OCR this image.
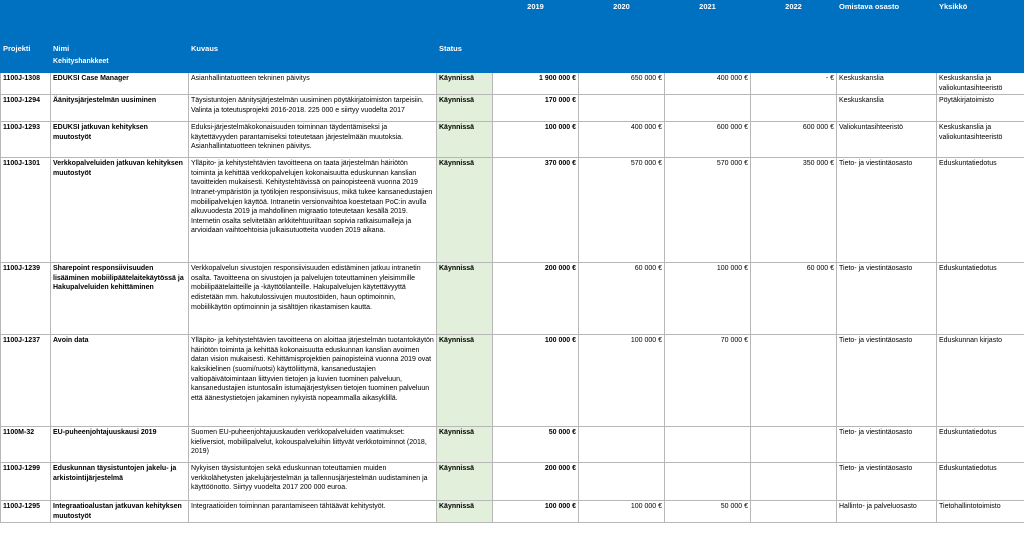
Projekti	Nimi	Kuvaus	Status	2019	2020	2021	2022	Omistava osasto	Yksikkö
	Kehityshankkeet								
1100J-1308	EDUKSI Case Manager	Asianhallintatuotteen tekninen päivitys	Käynnissä	1 900 000 €	650 000 €	400 000 €	- €	Keskuskanslia	Keskuskanslia ja valiokuntasihteeristö
1100J-1294	Äänitysjärjestelmän uusiminen	Täysistuntojen äänitysjärjestelmän uusiminen pöytäkirjatoimiston tarpeisiin. Valinta ja toteutusprojekti 2016-2018. 225 000 e siirtyy vuodelta 2017	Käynnissä	170 000 €				Keskuskanslia	Pöytäkirjatoimisto
1100J-1293	EDUKSI jatkuvan kehityksen muutostyöt	Eduksi-järjestelmäkokonaisuuden toiminnan täydentämiseksi ja käytettävyyden parantamiseksi toteutetaan järjestelmään muutoksia. Asianhallintatuotteen tekninen päivitys.	Käynnissä	100 000 €	400 000 €	600 000 €	600 000 €	Valiokuntasihteeristö	Keskuskanslia ja valiokuntasihteeristö
1100J-1301	Verkkopalveluiden jatkuvan kehityksen muutostyöt	Ylläpito- ja kehitystehtävien tavoitteena on taata järjestelmän häiriötön toiminta ja kehittää verkkopalvelujen kokonaisuutta eduskunnan kanslian tavoitteiden mukaisesti. Kehitystehtävissä on painopisteenä vuonna 2019 Intranet-ympäristön ja työtilojen responsiivisuus, mikä tukee kansanedustajien mobiilipalvelujen käyttöä. Intranetin versionvaihtoa koestetaan PoC:in avulla alkuvuodesta 2019 ja mahdollinen migraatio toteutetaan kesällä 2019. Internetin osalta selvitetään arkkitehtuuriltaan sopivia ratkaisumalleja ja arvioidaan vaihtoehtoisia julkaisutuotteita vuoden 2019 aikana.	Käynnissä	370 000 €	570 000 €	570 000 €	350 000 €	Tieto- ja viestintäosasto	Eduskuntatiedotus
1100J-1239	Sharepoint responsiivisuuden lisääminen mobiilipäätelaitekäytössä ja Hakupalveluiden kehittäminen	Verkkopalvelun sivustojen responsiivisuuden edistäminen jatkuu intranetin osalta. Tavoitteena on sivustojen ja palvelujen toteuttaminen yleisimmille mobiilipäätelaitteille ja -käyttötilanteille. Hakupalvelujen käytettävyyttä edistetään mm. hakutulossivujen muutostöiden, haun optimoinnin, mobiilikäytön optimoinnin ja sisältöjen rikastamisen kautta.	Käynnissä	200 000 €	60 000 €	100 000 €	60 000 €	Tieto- ja viestintäosasto	Eduskuntatiedotus
1100J-1237	Avoin data	Ylläpito- ja kehitystehtävien tavoitteena on aloittaa järjestelmän tuotantokäytön häiriötön toiminta ja kehittää kokonaisuutta eduskunnan kanslian avoimen datan vision mukaisesti. Kehittämisprojektien painopisteinä vuonna 2019 ovat kaksikielinen (suomi/ruotsi) käyttöliittymä, kansanedustajien valtiopäivätoimintaan liittyvien tietojen ja kuvien tuominen palveluun, kansanedustajien istuntosalin istumajärjestyksen tietojen tuominen palveluun että äänestystietojen jakaminen nykyistä nopeammalla aikasyklillä.	Käynnissä	100 000 €	100 000 €	70 000 €		Tieto- ja viestintäosasto	Eduskunnan kirjasto
1100M-32	EU-puheenjohtajuuskausi 2019	Suomen EU-puheenjohtajuuskauden verkkopalveluiden vaatimukset: kieliversiot, mobiilipalvelut, kokouspalveluihin liittyvät verkkotoiminnot (2018, 2019)	Käynnissä	50 000 €				Tieto- ja viestintäosasto	Eduskuntatiedotus
1100J-1299	Eduskunnan täysistuntojen jakelu- ja arkistointijärjestelmä	Nykyisen täysistuntojen sekä eduskunnan toteuttamien muiden verkkolähetysten jakelujärjestelmän ja tallennusjärjestelmän uudistaminen ja käyttöönotto. Siirtyy vuodelta 2017 200 000 euroa.	Käynnissä	200 000 €				Tieto- ja viestintäosasto	Eduskuntatiedotus
1100J-1295	Integraatioalustan jatkuvan kehityksen muutostyöt	Integraatioiden toiminnan parantamiseen tähtäävät kehitystyöt.	Käynnissä	100 000 €	100 000 €	50 000 €		Hallinto- ja palveluosasto	Tietohallintotoimisto
